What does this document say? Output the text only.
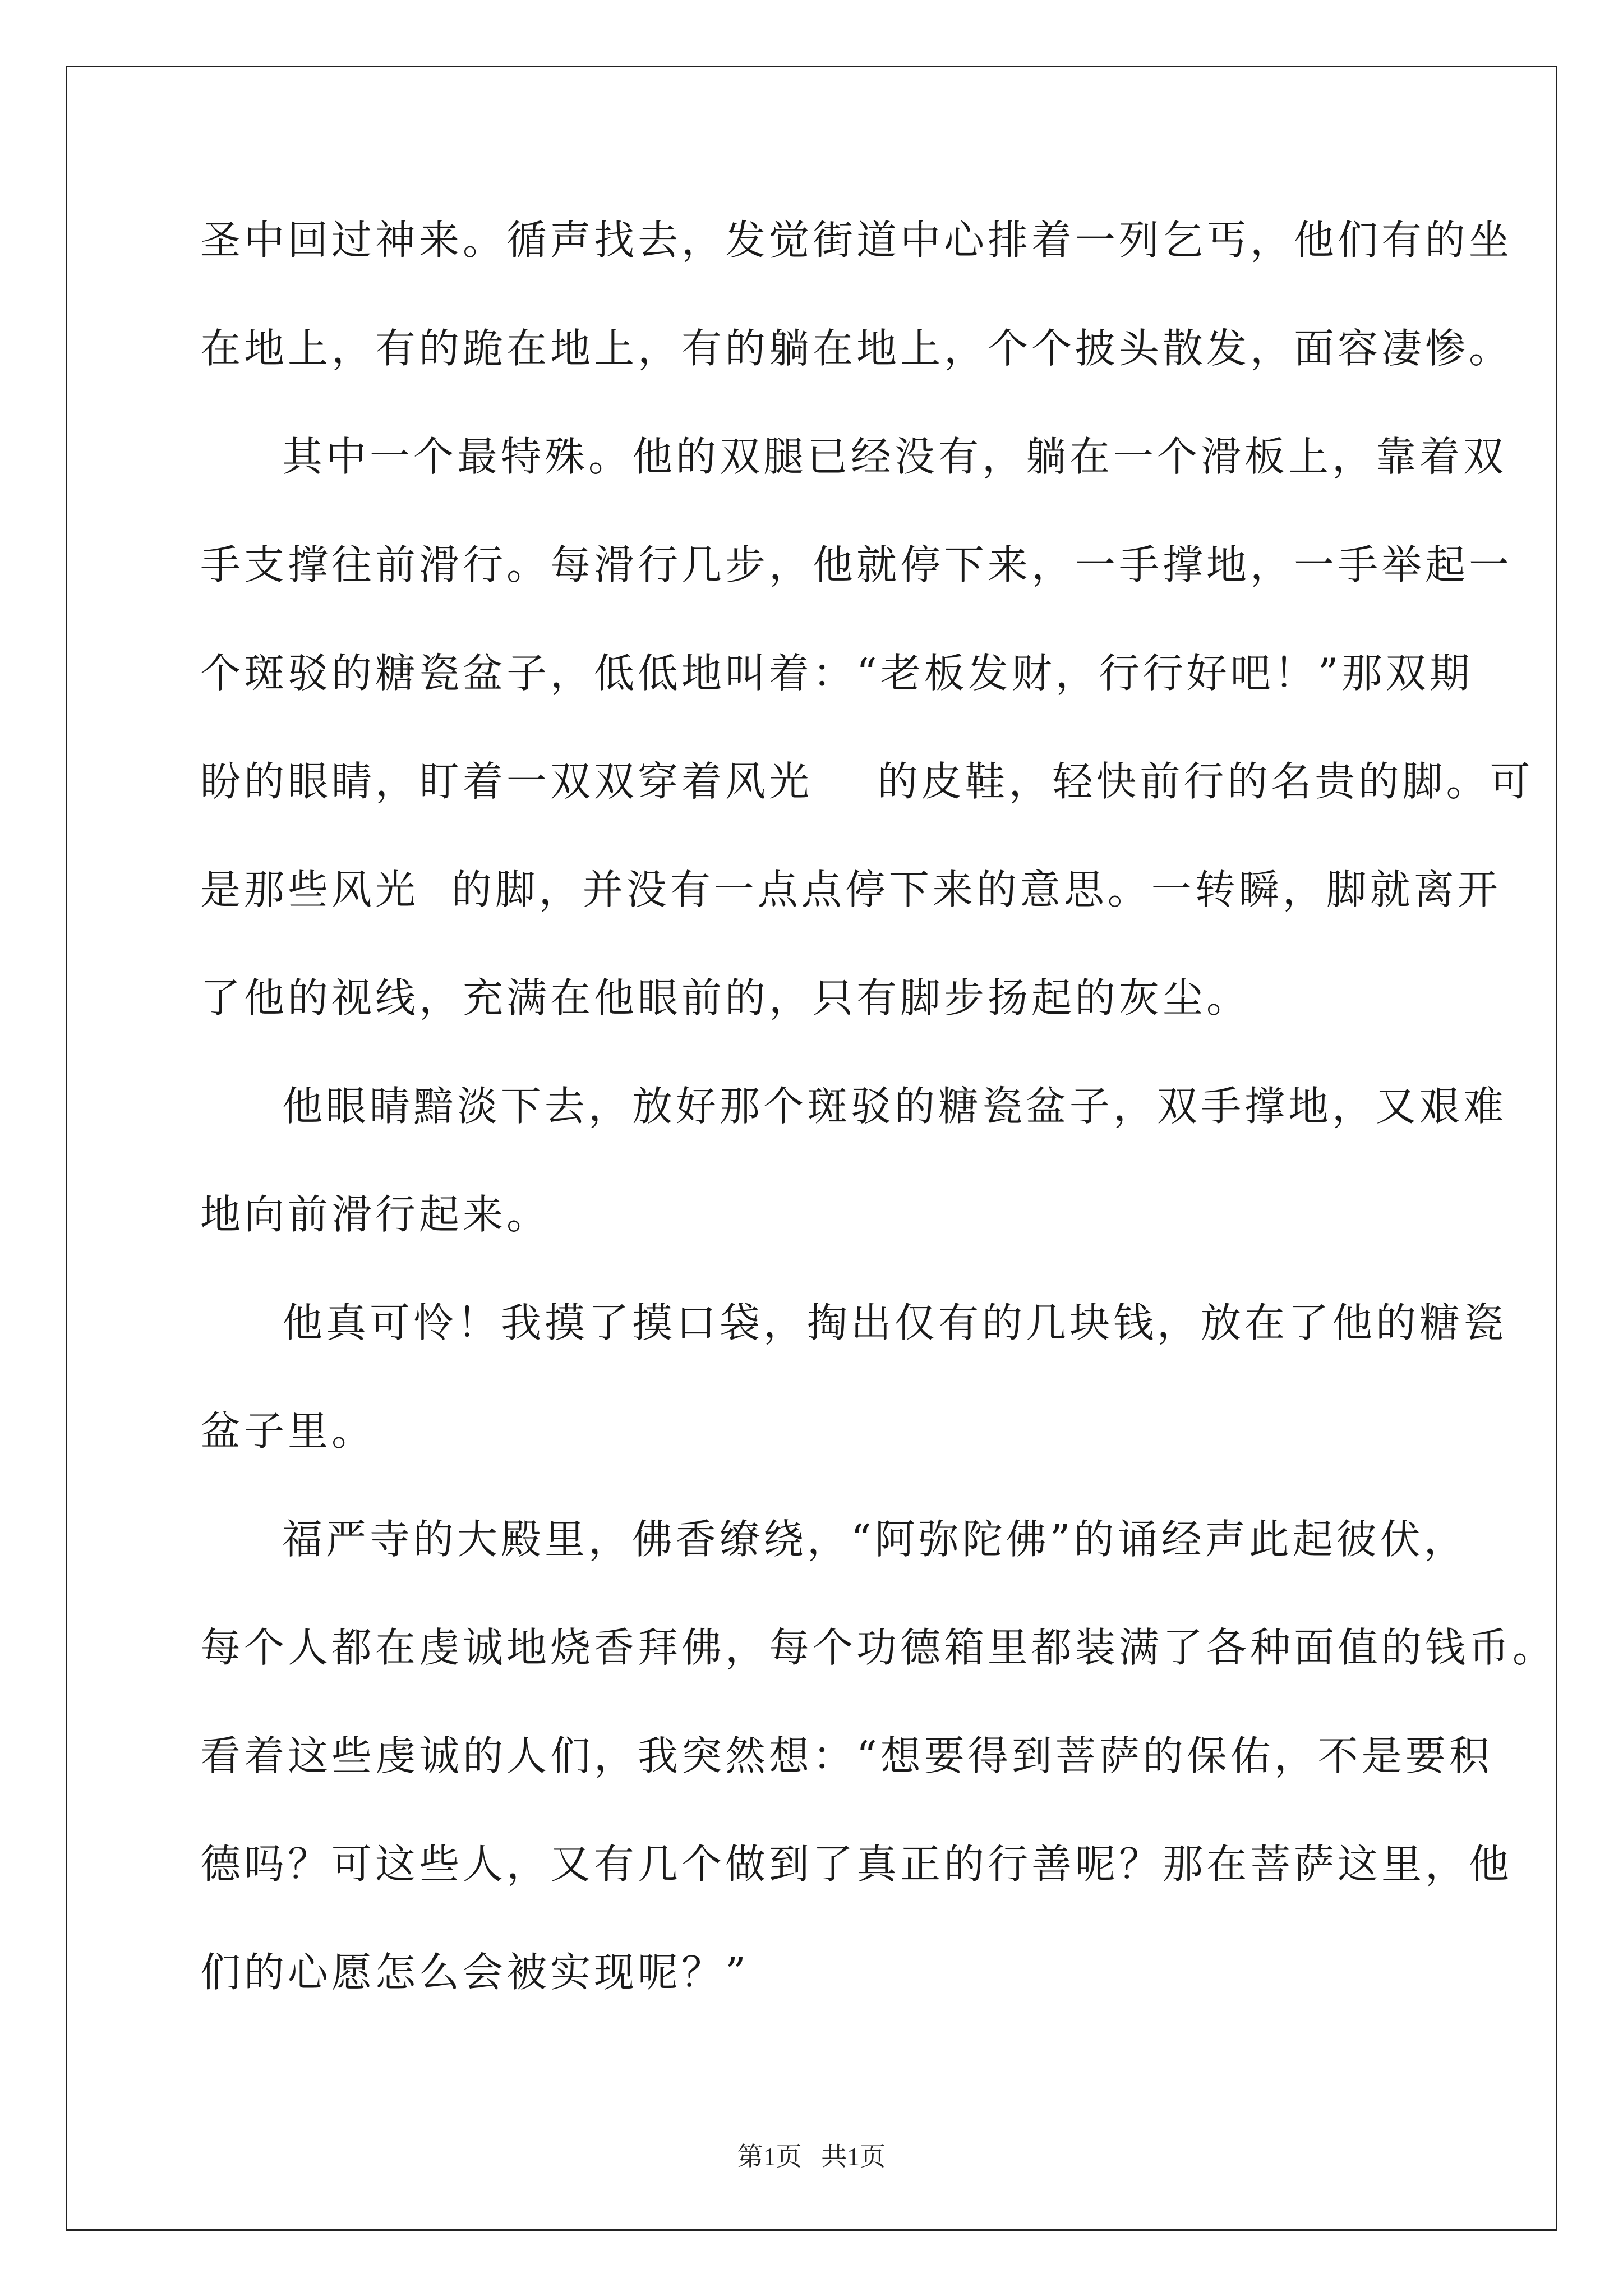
圣中回过神来。循声找去，发觉街道中心排着一列乞丐，他们有的坐
在地上，有的跪在地上，有的躺在地上，个个披头散发，面容凄惨。
其中一个最特殊。他的双腿已经没有，躺在一个滑板上，靠着双
手支撑往前滑行。每滑行几步，他就停下来，一手撑地，一手举起一
个斑驳的糖瓷盆子，低低地叫着：“老板发财，行行好吧！”那双期
盼的眼睛，盯着一双双穿着风光    的皮鞋，轻快前行的名贵的脚。可
是那些风光  的脚，并没有一点点停下来的意思。一转瞬，脚就离开
了他的视线，充满在他眼前的，只有脚步扬起的灰尘。
他眼睛黯淡下去，放好那个斑驳的糖瓷盆子，双手撑地，又艰难
地向前滑行起来。
他真可怜！我摸了摸口袋，掏出仅有的几块钱，放在了他的糖瓷
盆子里。
福严寺的大殿里，佛香缭绕，“阿弥陀佛”的诵经声此起彼伏，
每个人都在虔诚地烧香拜佛，每个功德箱里都装满了各种面值的钱币。
看着这些虔诚的人们，我突然想：“想要得到菩萨的保佑，不是要积
德吗？可这些人，又有几个做到了真正的行善呢？那在菩萨这里，他
们的心愿怎么会被实现呢？”
第1页   共1页
